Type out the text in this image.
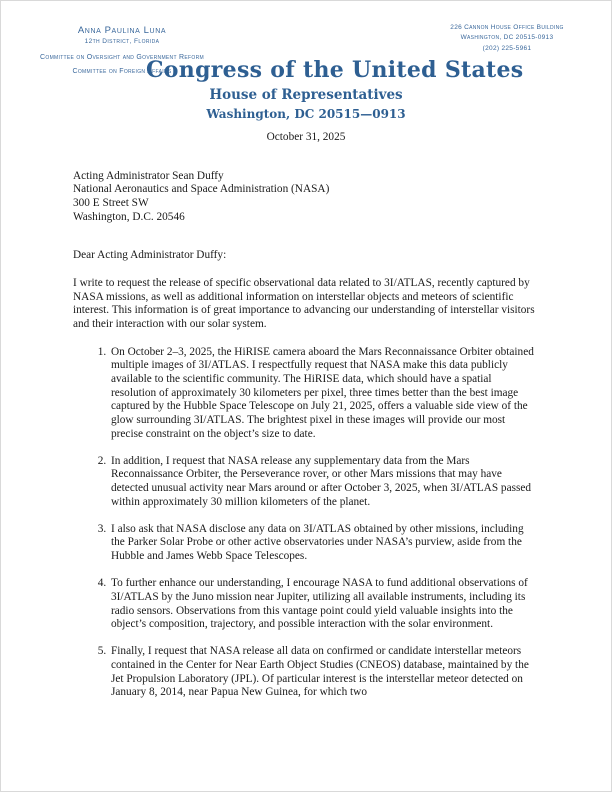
Anna Paulina Luna
12th District, Florida
Committee on Oversight and Government Reform
Committee on Foreign Affairs
Congress of the United States
House of Representatives
Washington, DC 20515—0913
226 Cannon House Office Building
Washington, DC 20515-0913
(202) 225-5961
October 31, 2025
Acting Administrator Sean Duffy
National Aeronautics and Space Administration (NASA)
300 E Street SW
Washington, D.C. 20546
Dear Acting Administrator Duffy:
I write to request the release of specific observational data related to 3I/ATLAS, recently captured by NASA missions, as well as additional information on interstellar objects and meteors of scientific interest. This information is of great importance to advancing our understanding of interstellar visitors and their interaction with our solar system.
1. On October 2–3, 2025, the HiRISE camera aboard the Mars Reconnaissance Orbiter obtained multiple images of 3I/ATLAS. I respectfully request that NASA make this data publicly available to the scientific community. The HiRISE data, which should have a spatial resolution of approximately 30 kilometers per pixel, three times better than the best image captured by the Hubble Space Telescope on July 21, 2025, offers a valuable side view of the glow surrounding 3I/ATLAS. The brightest pixel in these images will provide our most precise constraint on the object’s size to date.
2. In addition, I request that NASA release any supplementary data from the Mars Reconnaissance Orbiter, the Perseverance rover, or other Mars missions that may have detected unusual activity near Mars around or after October 3, 2025, when 3I/ATLAS passed within approximately 30 million kilometers of the planet.
3. I also ask that NASA disclose any data on 3I/ATLAS obtained by other missions, including the Parker Solar Probe or other active observatories under NASA’s purview, aside from the Hubble and James Webb Space Telescopes.
4. To further enhance our understanding, I encourage NASA to fund additional observations of 3I/ATLAS by the Juno mission near Jupiter, utilizing all available instruments, including its radio sensors. Observations from this vantage point could yield valuable insights into the object’s composition, trajectory, and possible interaction with the solar environment.
5. Finally, I request that NASA release all data on confirmed or candidate interstellar meteors contained in the Center for Near Earth Object Studies (CNEOS) database, maintained by the Jet Propulsion Laboratory (JPL). Of particular interest is the interstellar meteor detected on January 8, 2014, near Papua New Guinea, for which two
